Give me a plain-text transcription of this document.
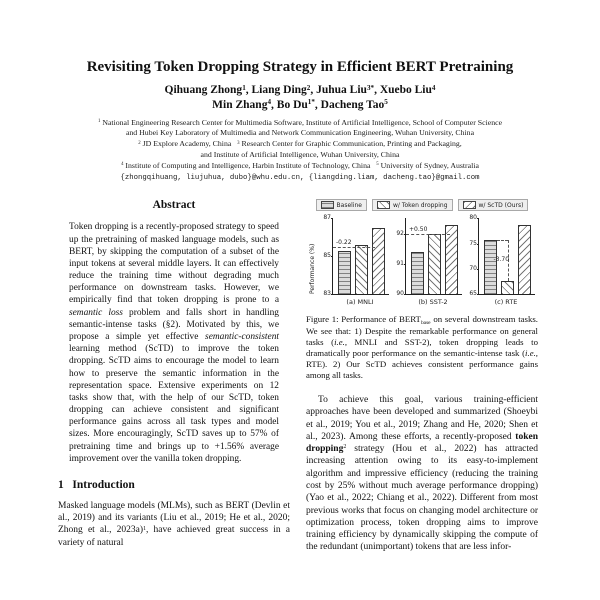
Revisiting Token Dropping Strategy in Efficient BERT Pretraining
Qihuang Zhong$^1$, Liang Ding$^2$, Juhua Liu$^{3*}$, Xuebo Liu$^4$
Min Zhang$^4$, Bo $Du^{1*}$, Dacheng Tao$^5$
$^1$ National Engineering Research Center for Multimedia Software, Institute of Artificial Intelligence, School of Computer Science
and Hubei Key Laboratory of Multimedia and Network Communication Engineering, Wuhan University, China
$^2$ JD Explore Academy, China   $^3$ Research Center for Graphic Communication, Printing and Packaging,
and Institute of Artificial Intelligence, Wuhan University, China
$^4$ Institute of Computing and Intelligence, Harbin Institute of Technology, China   $^5$ University of Sydney, Australia
{zhongqihuang, liujuhua, dubo}@whu.edu.cn, {liangding.liam, dacheng.tao}@gmail.com
Abstract
Token dropping is a recently-proposed strategy to speed up the pretraining of masked language models, such as BERT, by skipping the computation of a subset of the input tokens at several middle layers. It can effectively reduce the training time without degrading much performance on downstream tasks. However, we empirically find that token dropping is prone to a semantic loss problem and falls short in handling semantic-intense tasks (§2). Motivated by this, we propose a simple yet effective semantic-consistent learning method (ScTD) to improve the token dropping. ScTD aims to encourage the model to learn how to preserve the semantic information in the representation space. Extensive experiments on 12 tasks show that, with the help of our ScTD, token dropping can achieve consistent and significant performance gains across all task types and model sizes. More encouragingly, ScTD saves up to 57% of pretraining time and brings up to +1.56% average improvement over the vanilla token dropping.
1   Introduction
Masked language models (MLMs), such as BERT (Devlin et al., 2019) and its variants (Liu et al., 2019; He et al., 2020; Zhong et al., 2023a)$^1$, have achieved great success in a variety of natural
Baseline	w/ Token dropping	w/ ScTD (Ours)
Performance (%)	83
85
87
-0.22
(a) MNLI
90
91
92
+0.50
(b) SST-2
65
70
75
80
-3.70
(c) RTE
Figure 1: Performance of BERTbase on several downstream tasks. We see that: 1) Despite the remarkable performance on general tasks (i.e., MNLI and SST-2), token dropping leads to dramatically poor performance on the semantic-intense task (i.e., RTE). 2) Our ScTD achieves consistent performance gains among all tasks.
To achieve this goal, various training-efficient approaches have been developed and summarized (Shoeybi et al., 2019; You et al., 2019; Zhang and He, 2020; Shen et al., 2023). Among these efforts, a recently-proposed token dropping$^2$ strategy (Hou et al., 2022) has attracted increasing attention owing to its easy-to-implement algorithm and impressive efficiency (reducing the training cost by 25% without much average performance dropping) (Yao et al., 2022; Chiang et al., 2022). Different from most previous works that focus on changing model architecture or optimization process, token dropping aims to improve training efficiency by dynamically skipping the compute of the redundant (unimportant) tokens that are less infor-
